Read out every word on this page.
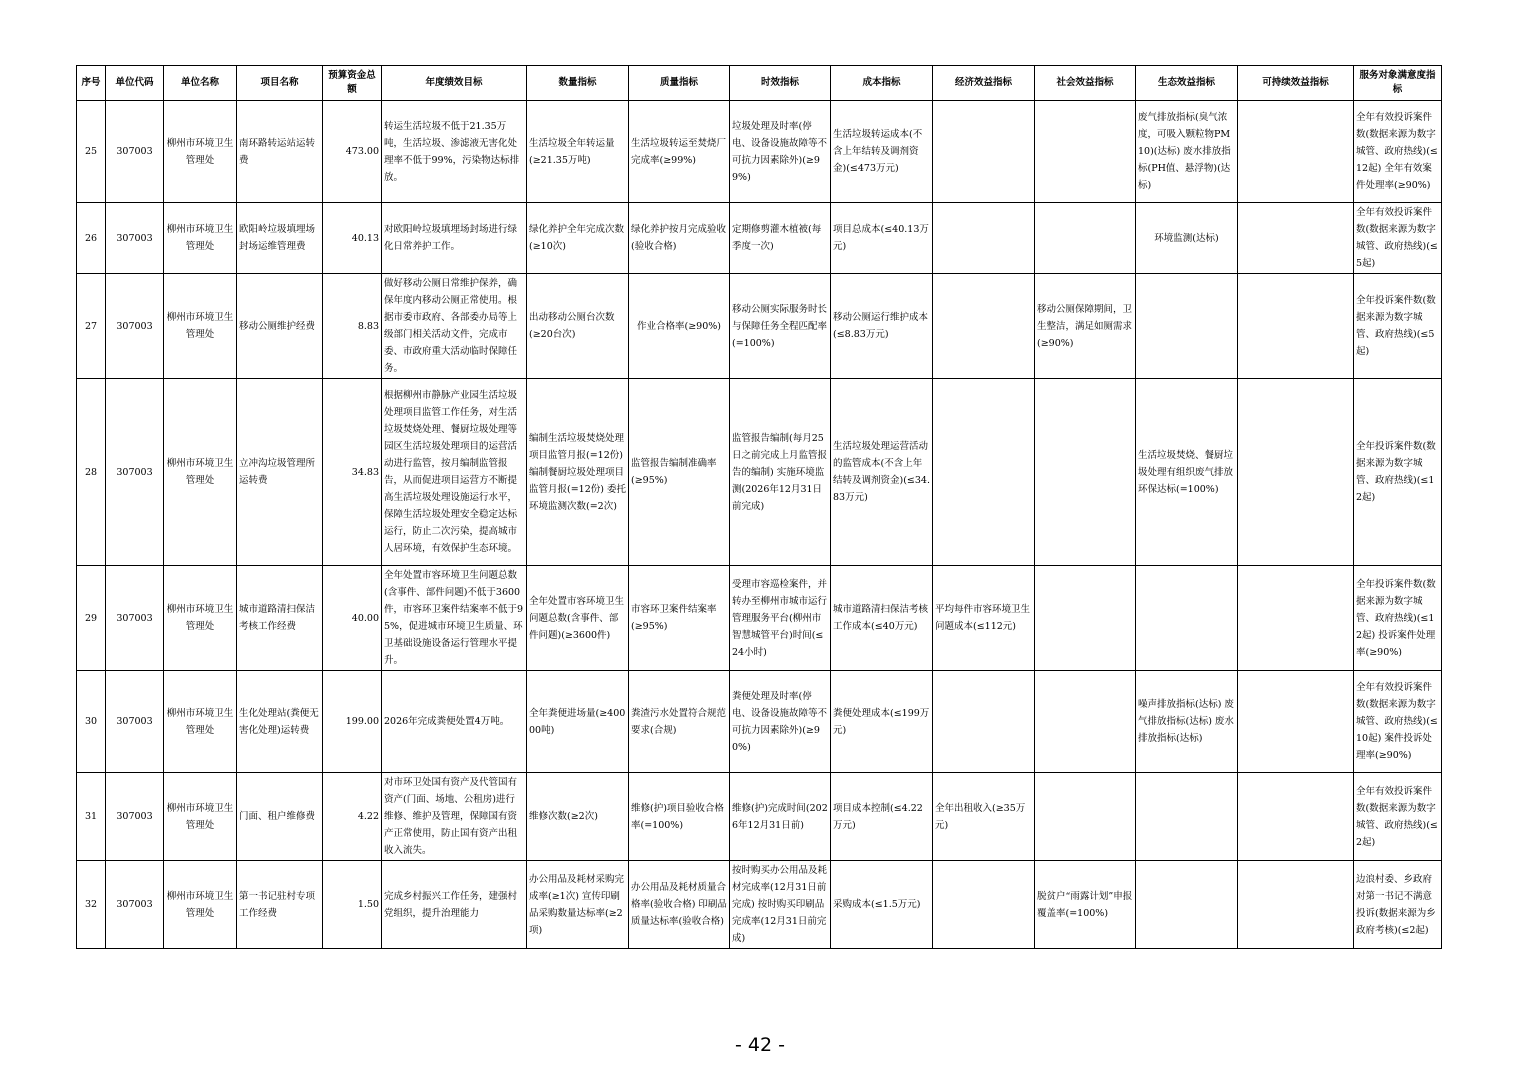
序号	单位代码	单位名称	项目名称	预算资金总额	年度绩效目标	数量指标	质量指标	时效指标	成本指标	经济效益指标	社会效益指标	生态效益指标	可持续效益指标	服务对象满意度指标
25	307003	柳州市环境卫生管理处	南环路转运站运转费	473.00	转运生活垃圾不低于21.35万吨，生活垃圾、渗滤液无害化处理率不低于99%，污染物达标排放。	生活垃圾全年转运量(≥21.35万吨)	生活垃圾转运至焚烧厂完成率(≥99%)	垃圾处理及时率(停电、设备设施故障等不可抗力因素除外)(≥99%)	生活垃圾转运成本(不含上年结转及调剂资金)(≤473万元)			废气排放指标(臭气浓度，可吸入颗粒物PM10)(达标) 废水排放指标(PH值、悬浮物)(达标)		全年有效投诉案件数(数据来源为数字城管、政府热线)(≤12起) 全年有效案件处理率(≥90%)
26	307003	柳州市环境卫生管理处	欧阳岭垃圾填埋场封场运维管理费	40.13	对欧阳岭垃圾填埋场封场进行绿化日常养护工作。	绿化养护全年完成次数(≥10次)	绿化养护按月完成验收(验收合格)	定期修剪灌木植被(每季度一次)	项目总成本(≤40.13万元)			环境监测(达标)		全年有效投诉案件数(数据来源为数字城管、政府热线)(≤5起)
27	307003	柳州市环境卫生管理处	移动公厕维护经费	8.83	做好移动公厕日常维护保养，确保年度内移动公厕正常使用。根据市委市政府、各部委办局等上级部门相关活动文件，完成市委、市政府重大活动临时保障任务。	出动移动公厕台次数(≥20台次)	作业合格率(≥90%)	移动公厕实际服务时长与保障任务全程匹配率(=100%)	移动公厕运行维护成本(≤8.83万元)		移动公厕保障期间，卫生整洁，满足如厕需求(≥90%)			全年投诉案件数(数据来源为数字城管、政府热线)(≤5起)
28	307003	柳州市环境卫生管理处	立冲沟垃圾管理所运转费	34.83	根据柳州市静脉产业园生活垃圾处理项目监管工作任务，对生活垃圾焚烧处理、餐厨垃圾处理等园区生活垃圾处理项目的运营活动进行监管，按月编制监管报告，从而促进项目运营方不断提高生活垃圾处理设施运行水平，保障生活垃圾处理安全稳定达标运行，防止二次污染，提高城市人居环境，有效保护生态环境。	编制生活垃圾焚烧处理项目监管月报(=12份) 编制餐厨垃圾处理项目监管月报(=12份) 委托环境监测次数(=2次)	监管报告编制准确率(≥95%)	监管报告编制(每月25日之前完成上月监管报告的编制) 实施环境监测(2026年12月31日前完成)	生活垃圾处理运营活动的监管成本(不含上年结转及调剂资金)(≤34.83万元)			生活垃圾焚烧、餐厨垃圾处理有组织废气排放环保达标(=100%)		全年投诉案件数(数据来源为数字城管、政府热线)(≤12起)
29	307003	柳州市环境卫生管理处	城市道路清扫保洁考核工作经费	40.00	全年处置市容环境卫生问题总数(含事件、部件问题)不低于3600件，市容环卫案件结案率不低于95%，促进城市环境卫生质量、环卫基础设施设备运行管理水平提升。	全年处置市容环境卫生问题总数(含事件、部件问题)(≥3600件)	市容环卫案件结案率(≥95%)	受理市容巡检案件，并转办至柳州市城市运行管理服务平台(柳州市智慧城管平台)时间(≤24小时)	城市道路清扫保洁考核工作成本(≤40万元)	平均每件市容环境卫生问题成本(≤112元)				全年投诉案件数(数据来源为数字城管、政府热线)(≤12起) 投诉案件处理率(≥90%)
30	307003	柳州市环境卫生管理处	生化处理站(粪便无害化处理)运转费	199.00	2026年完成粪便处置4万吨。	全年粪便进场量(≥40000吨)	粪渣污水处置符合规范要求(合规)	粪便处理及时率(停电、设备设施故障等不可抗力因素除外)(≥90%)	粪便处理成本(≤199万元)			噪声排放指标(达标) 废气排放指标(达标) 废水排放指标(达标)		全年有效投诉案件数(数据来源为数字城管、政府热线)(≤10起) 案件投诉处理率(≥90%)
31	307003	柳州市环境卫生管理处	门面、租户维修费	4.22	对市环卫处国有资产及代管国有资产(门面、场地、公租房)进行维修、维护及管理，保障国有资产正常使用，防止国有资产出租收入流失。	维修次数(≥2次)	维修(护)项目验收合格率(=100%)	维修(护)完成时间(2026年12月31日前)	项目成本控制(≤4.22万元)	全年出租收入(≥35万元)				全年有效投诉案件数(数据来源为数字城管、政府热线)(≤2起)
32	307003	柳州市环境卫生管理处	第一书记驻村专项工作经费	1.50	完成乡村振兴工作任务，建强村党组织，提升治理能力	办公用品及耗材采购完成率(≥1次) 宣传印刷品采购数量达标率(≥2项)	办公用品及耗材质量合格率(验收合格) 印刷品质量达标率(验收合格)	按时购买办公用品及耗材完成率(12月31日前完成) 按时购买印刷品完成率(12月31日前完成)	采购成本(≤1.5万元)		脱贫户“雨露计划”申报覆盖率(=100%)			边浪村委、乡政府对第一书记不满意投诉(数据来源为乡政府考核)(≤2起)
- 42 -
